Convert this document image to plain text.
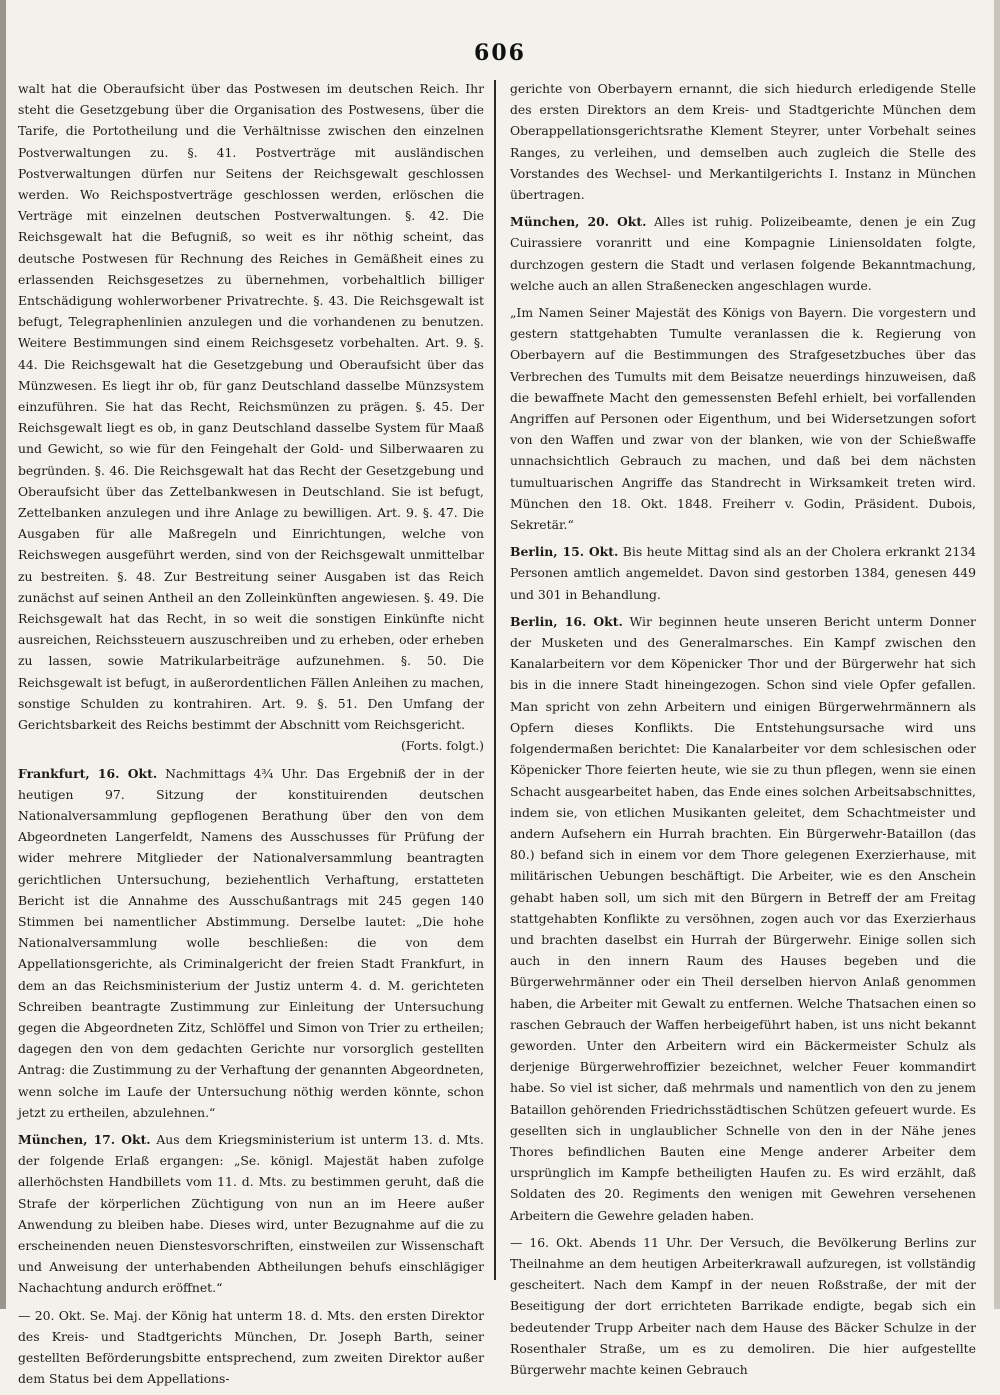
606

walt hat die Oberaufsicht über das Postwesen im deutschen Reich. Ihr steht die Gesetzgebung über die Organisation des Postwesens, über die Tarife, die Portotheilung und die Verhältnisse zwischen den einzelnen Postverwaltungen zu. §. 41. Postverträge mit ausländischen Postverwaltungen dürfen nur Seitens der Reichsgewalt geschlossen werden. Wo Reichspostverträge geschlossen werden, erlöschen die Verträge mit einzelnen deutschen Postverwaltungen. §. 42. Die Reichsgewalt hat die Befugniß, so weit es ihr nöthig scheint, das deutsche Postwesen für Rechnung des Reiches in Gemäßheit eines zu erlassenden Reichsgesetzes zu übernehmen, vorbehaltlich billiger Entschädigung wohlerworbener Privatrechte. §. 43. Die Reichsgewalt ist befugt, Telegraphenlinien anzulegen und die vorhandenen zu benutzen. Weitere Bestimmungen sind einem Reichsgesetz vorbehalten. Art. 9. §. 44. Die Reichsgewalt hat die Gesetzgebung und Oberaufsicht über das Münzwesen. Es liegt ihr ob, für ganz Deutschland dasselbe Münzsystem einzuführen. Sie hat das Recht, Reichsmünzen zu prägen. §. 45. Der Reichsgewalt liegt es ob, in ganz Deutschland dasselbe System für Maaß und Gewicht, so wie für den Feingehalt der Gold- und Silberwaaren zu begründen. §. 46. Die Reichsgewalt hat das Recht der Gesetzgebung und Oberaufsicht über das Zettelbankwesen in Deutschland. Sie ist befugt, Zettelbanken anzulegen und ihre Anlage zu bewilligen. Art. 9. §. 47. Die Ausgaben für alle Maßregeln und Einrichtungen, welche von Reichswegen ausgeführt werden, sind von der Reichsgewalt unmittelbar zu bestreiten. §. 48. Zur Bestreitung seiner Ausgaben ist das Reich zunächst auf seinen Antheil an den Zolleinkünften angewiesen. §. 49. Die Reichsgewalt hat das Recht, in so weit die sonstigen Einkünfte nicht ausreichen, Reichssteuern auszuschreiben und zu erheben, oder erheben zu lassen, sowie Matrikularbeiträge aufzunehmen. §. 50. Die Reichsgewalt ist befugt, in außerordentlichen Fällen Anleihen zu machen, sonstige Schulden zu kontrahiren. Art. 9. §. 51. Den Umfang der Gerichtsbarkeit des Reichs bestimmt der Abschnitt vom Reichsgericht.
(Forts. folgt.)

Frankfurt, 16. Okt. Nachmittags 4¾ Uhr. Das Ergebniß der in der heutigen 97. Sitzung der konstituirenden deutschen Nationalversammlung gepflogenen Berathung über den von dem Abgeordneten Langerfeldt, Namens des Ausschusses für Prüfung der wider mehrere Mitglieder der Nationalversammlung beantragten gerichtlichen Untersuchung, beziehentlich Verhaftung, erstatteten Bericht ist die Annahme des Ausschußantrags mit 245 gegen 140 Stimmen bei namentlicher Abstimmung. Derselbe lautet: „Die hohe Nationalversammlung wolle beschließen: die von dem Appellationsgerichte, als Criminalgericht der freien Stadt Frankfurt, in dem an das Reichsministerium der Justiz unterm 4. d. M. gerichteten Schreiben beantragte Zustimmung zur Einleitung der Untersuchung gegen die Abgeordneten Zitz, Schlöffel und Simon von Trier zu ertheilen; dagegen den von dem gedachten Gerichte nur vorsorglich gestellten Antrag: die Zustimmung zu der Verhaftung der genannten Abgeordneten, wenn solche im Laufe der Untersuchung nöthig werden könnte, schon jetzt zu ertheilen, abzulehnen.“

München, 17. Okt. Aus dem Kriegsministerium ist unterm 13. d. Mts. der folgende Erlaß ergangen: „Se. königl. Majestät haben zufolge allerhöchsten Handbillets vom 11. d. Mts. zu bestimmen geruht, daß die Strafe der körperlichen Züchtigung von nun an im Heere außer Anwendung zu bleiben habe. Dieses wird, unter Bezugnahme auf die zu erscheinenden neuen Dienstesvorschriften, einstweilen zur Wissenschaft und Anweisung der unterhabenden Abtheilungen behufs einschlägiger Nachachtung andurch eröffnet.“

— 20. Okt. Se. Maj. der König hat unterm 18. d. Mts. den ersten Direktor des Kreis- und Stadtgerichts München, Dr. Joseph Barth, seiner gestellten Beförderungsbitte entsprechend, zum zweiten Direktor außer dem Status bei dem Appellations-

gerichte von Oberbayern ernannt, die sich hiedurch erledigende Stelle des ersten Direktors an dem Kreis- und Stadtgerichte München dem Oberappellationsgerichtsrathe Klement Steyrer, unter Vorbehalt seines Ranges, zu verleihen, und demselben auch zugleich die Stelle des Vorstandes des Wechsel- und Merkantilgerichts I. Instanz in München übertragen.

München, 20. Okt. Alles ist ruhig. Polizeibeamte, denen je ein Zug Cuirassiere voranritt und eine Kompagnie Liniensoldaten folgte, durchzogen gestern die Stadt und verlasen folgende Bekanntmachung, welche auch an allen Straßenecken angeschlagen wurde.

„Im Namen Seiner Majestät des Königs von Bayern. Die vorgestern und gestern stattgehabten Tumulte veranlassen die k. Regierung von Oberbayern auf die Bestimmungen des Strafgesetzbuches über das Verbrechen des Tumults mit dem Beisatze neuerdings hinzuweisen, daß die bewaffnete Macht den gemessensten Befehl erhielt, bei vorfallenden Angriffen auf Personen oder Eigenthum, und bei Widersetzungen sofort von den Waffen und zwar von der blanken, wie von der Schießwaffe unnachsichtlich Gebrauch zu machen, und daß bei dem nächsten tumultuarischen Angriffe das Standrecht in Wirksamkeit treten wird. München den 18. Okt. 1848. Freiherr v. Godin, Präsident. Dubois, Sekretär.“

Berlin, 15. Okt. Bis heute Mittag sind als an der Cholera erkrankt 2134 Personen amtlich angemeldet. Davon sind gestorben 1384, genesen 449 und 301 in Behandlung.

Berlin, 16. Okt. Wir beginnen heute unseren Bericht unterm Donner der Musketen und des Generalmarsches. Ein Kampf zwischen den Kanalarbeitern vor dem Köpenicker Thor und der Bürgerwehr hat sich bis in die innere Stadt hineingezogen. Schon sind viele Opfer gefallen. Man spricht von zehn Arbeitern und einigen Bürgerwehrmännern als Opfern dieses Konflikts. Die Entstehungsursache wird uns folgendermaßen berichtet: Die Kanalarbeiter vor dem schlesischen oder Köpenicker Thore feierten heute, wie sie zu thun pflegen, wenn sie einen Schacht ausgearbeitet haben, das Ende eines solchen Arbeitsabschnittes, indem sie, von etlichen Musikanten geleitet, dem Schachtmeister und andern Aufsehern ein Hurrah brachten. Ein Bürgerwehr-Bataillon (das 80.) befand sich in einem vor dem Thore gelegenen Exerzierhause, mit militärischen Uebungen beschäftigt. Die Arbeiter, wie es den Anschein gehabt haben soll, um sich mit den Bürgern in Betreff der am Freitag stattgehabten Konflikte zu versöhnen, zogen auch vor das Exerzierhaus und brachten daselbst ein Hurrah der Bürgerwehr. Einige sollen sich auch in den innern Raum des Hauses begeben und die Bürgerwehrmänner oder ein Theil derselben hiervon Anlaß genommen haben, die Arbeiter mit Gewalt zu entfernen. Welche Thatsachen einen so raschen Gebrauch der Waffen herbeigeführt haben, ist uns nicht bekannt geworden. Unter den Arbeitern wird ein Bäckermeister Schulz als derjenige Bürgerwehroffizier bezeichnet, welcher Feuer kommandirt habe. So viel ist sicher, daß mehrmals und namentlich von den zu jenem Bataillon gehörenden Friedrichsstädtischen Schützen gefeuert wurde. Es gesellten sich in unglaublicher Schnelle von den in der Nähe jenes Thores befindlichen Bauten eine Menge anderer Arbeiter dem ursprünglich im Kampfe betheiligten Haufen zu. Es wird erzählt, daß Soldaten des 20. Regiments den wenigen mit Gewehren versehenen Arbeitern die Gewehre geladen haben.

— 16. Okt. Abends 11 Uhr. Der Versuch, die Bevölkerung Berlins zur Theilnahme an dem heutigen Arbeiterkrawall aufzuregen, ist vollständig gescheitert. Nach dem Kampf in der neuen Roßstraße, der mit der Beseitigung der dort errichteten Barrikade endigte, begab sich ein bedeutender Trupp Arbeiter nach dem Hause des Bäcker Schulze in der Rosenthaler Straße, um es zu demoliren. Die hier aufgestellte Bürgerwehr machte keinen Gebrauch
